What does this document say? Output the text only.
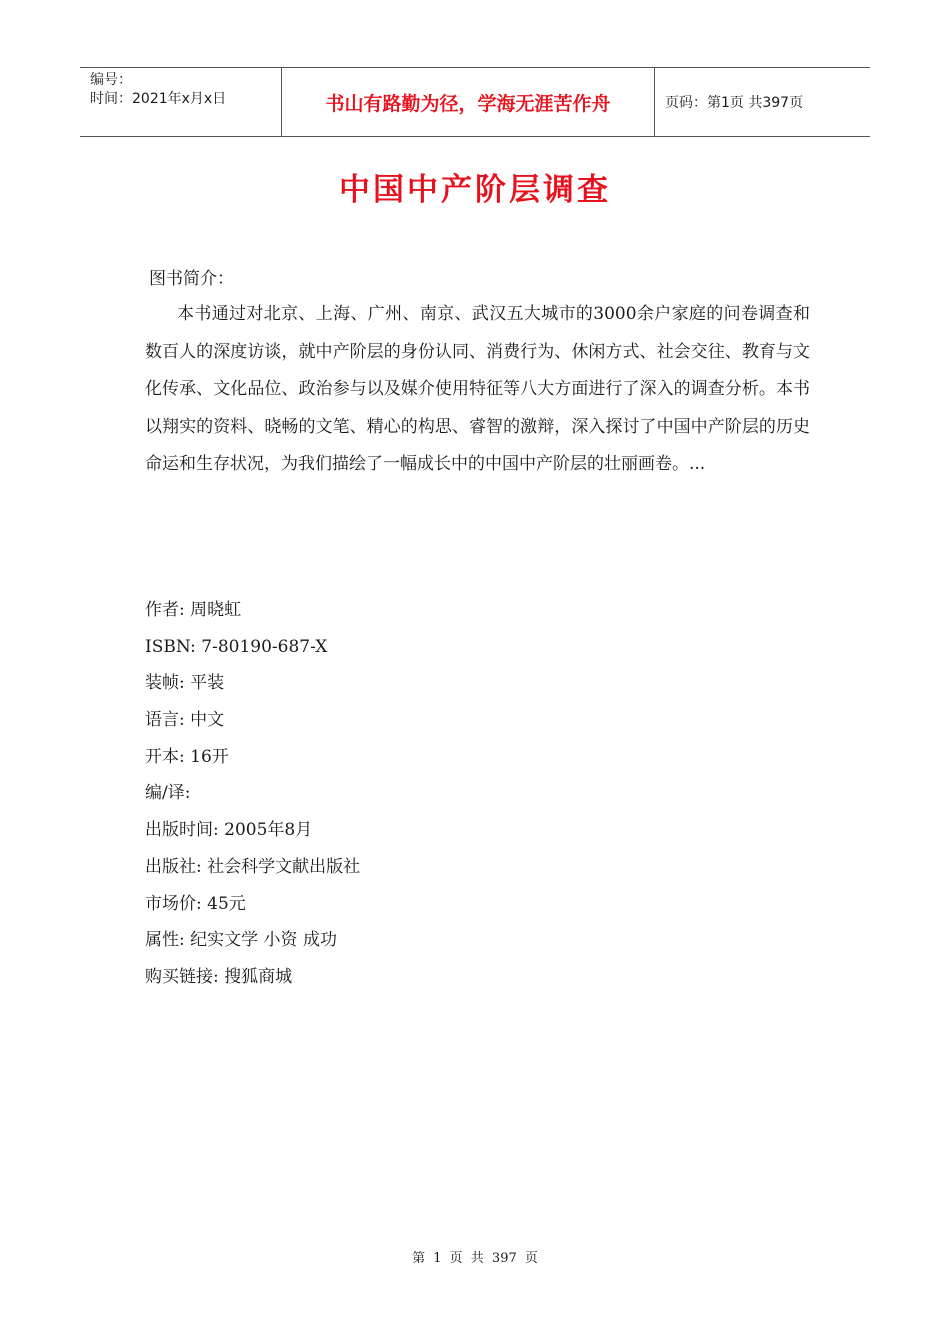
编号：
时间：2021年x月x日	书山有路勤为径，学海无涯苦作舟	页码：第1页 共397页
中国中产阶层调查
图书简介：
本书通过对北京、上海、广州、南京、武汉五大城市的3000余户家庭的问卷调查和数百人的深度访谈，就中产阶层的身份认同、消费行为、休闲方式、社会交往、教育与文化传承、文化品位、政治参与以及媒介使用特征等八大方面进行了深入的调查分析。本书以翔实的资料、晓畅的文笔、精心的构思、睿智的激辩，深入探讨了中国中产阶层的历史命运和生存状况，为我们描绘了一幅成长中的中国中产阶层的壮丽画卷。...
作者: 周晓虹
ISBN: 7-80190-687-X
装帧: 平装
语言: 中文
开本: 16开
编/译:
出版时间: 2005年8月
出版社: 社会科学文献出版社
市场价: 45元
属性: 纪实文学 小资 成功
购买链接: 搜狐商城
第 1 页 共 397 页
